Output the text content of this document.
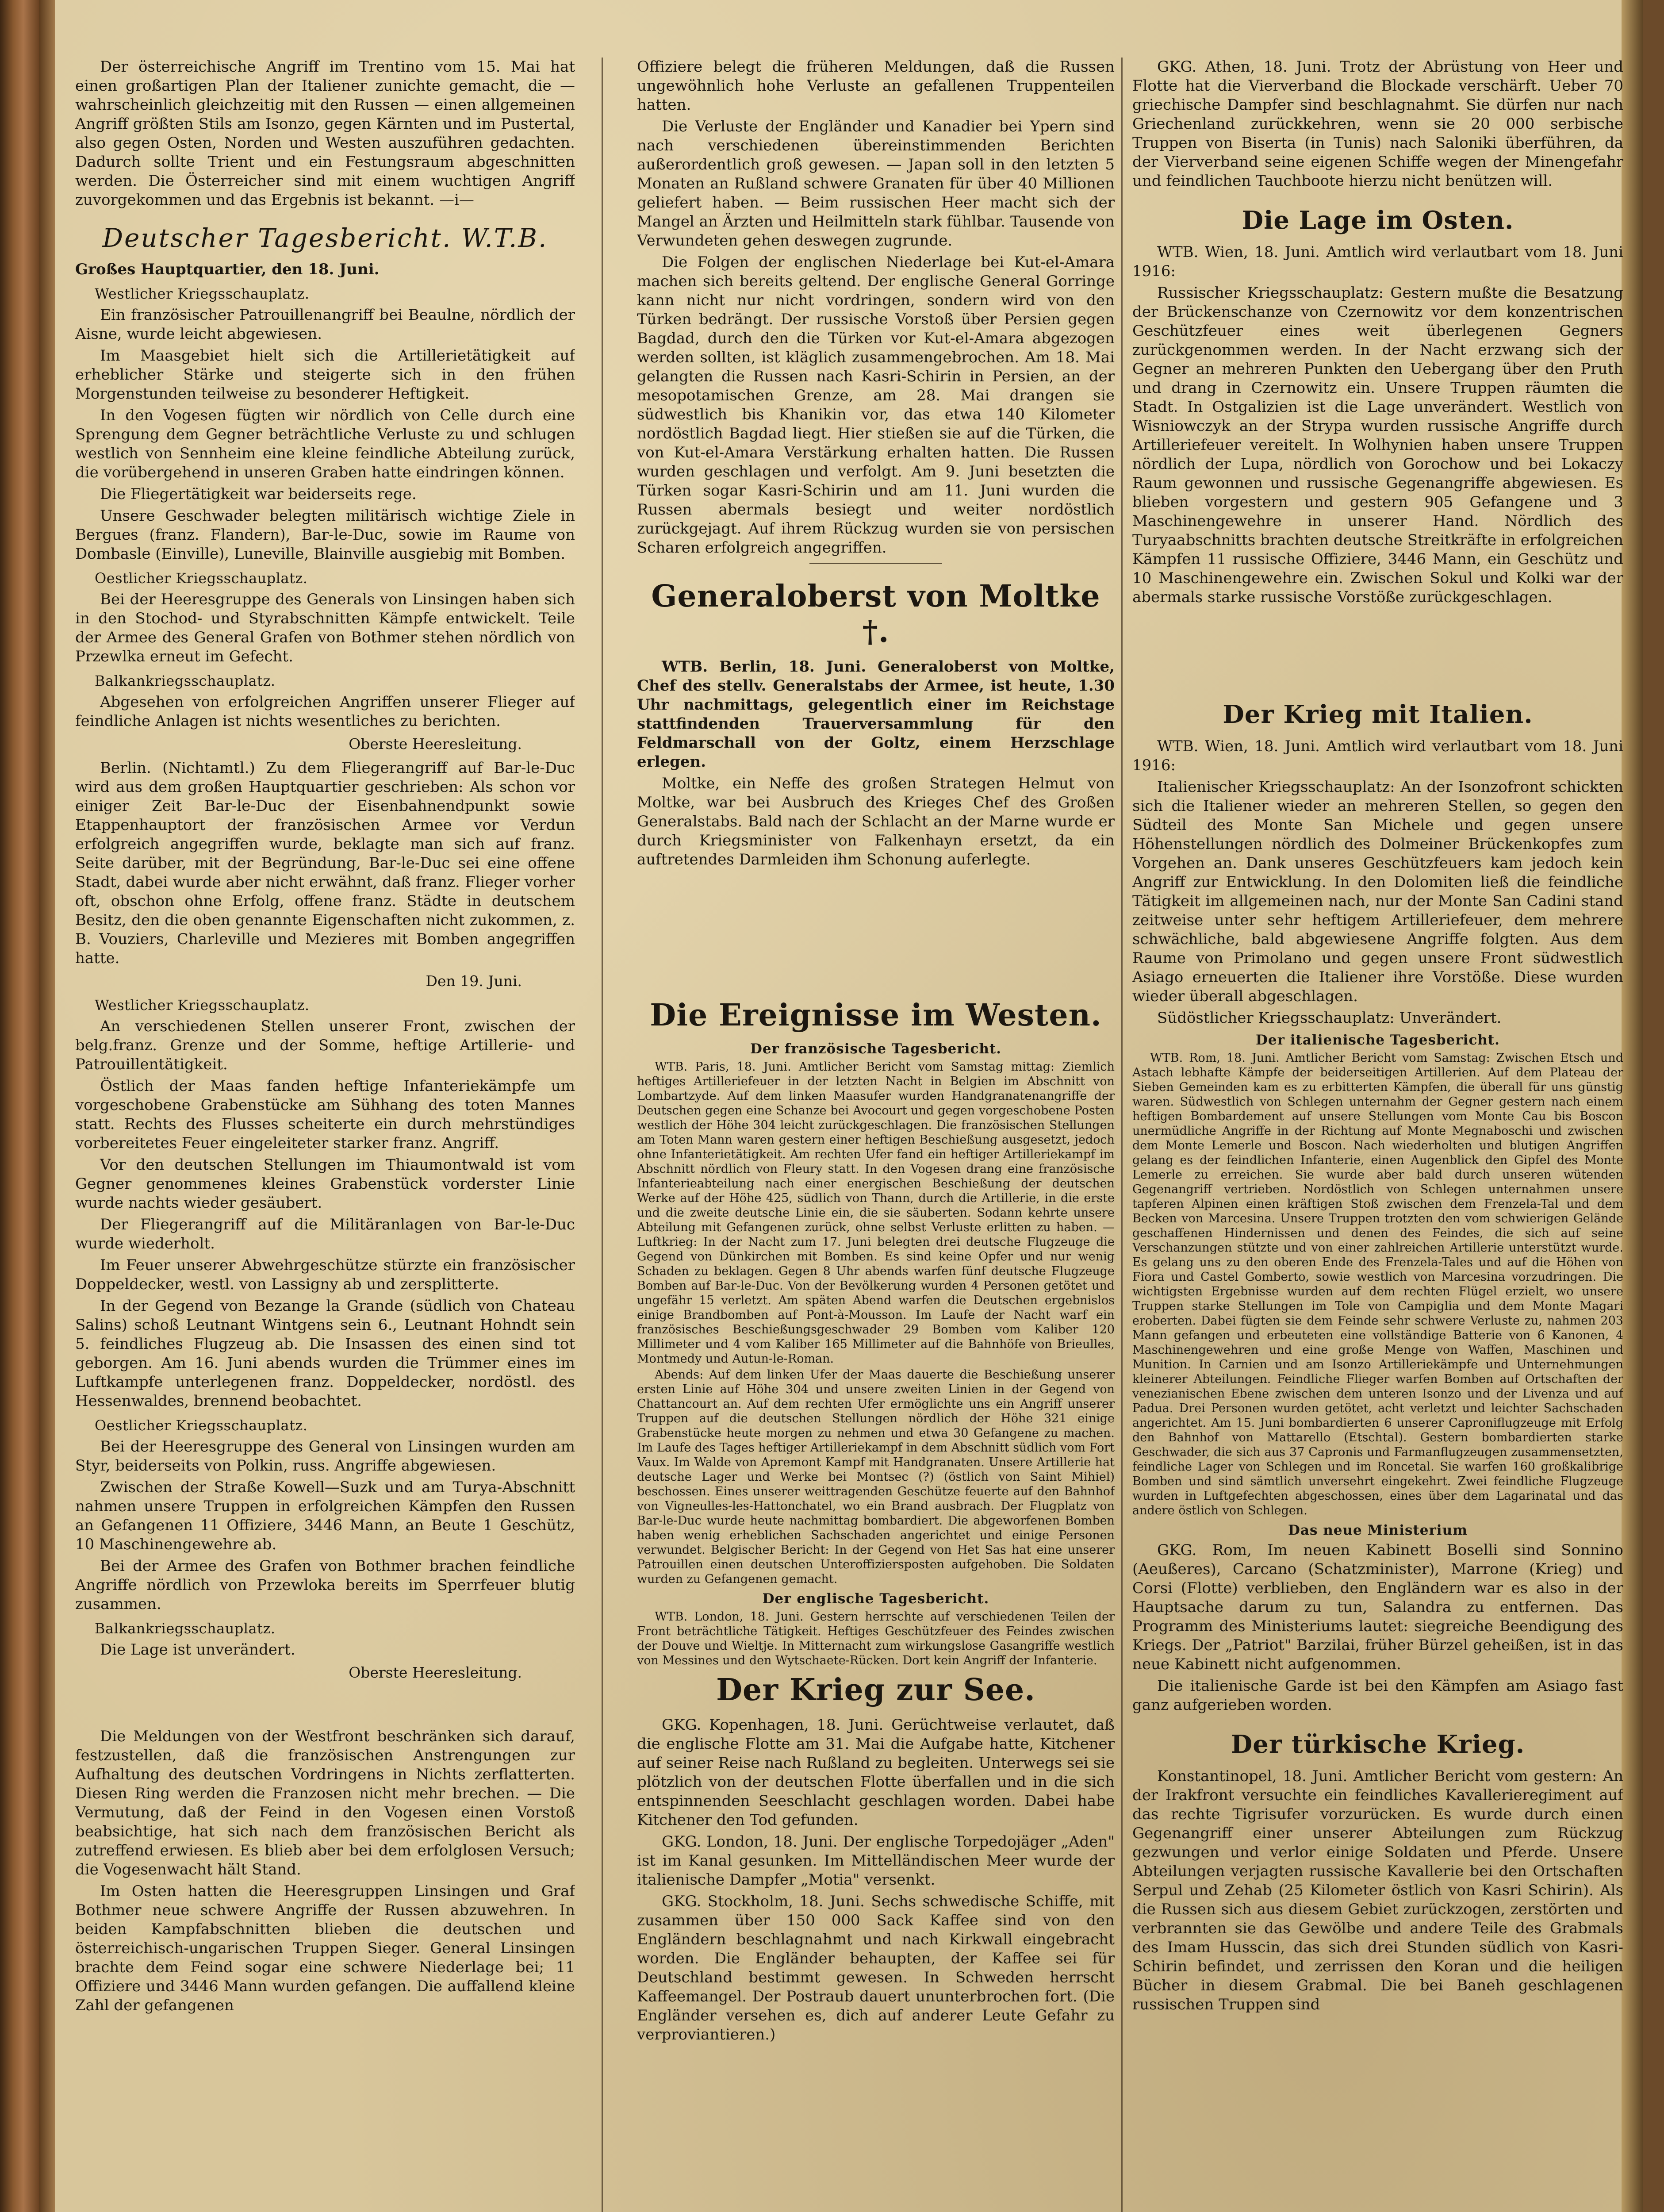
Der österreichische Angriff im Trentino vom 15. Mai hat einen großartigen Plan der Italiener zunichte gemacht, die — wahrscheinlich gleichzeitig mit den Russen — einen allgemeinen Angriff größten Stils am Isonzo, gegen Kärnten und im Pustertal, also gegen Osten, Norden und Westen auszuführen gedachten. Dadurch sollte Trient und ein Festungsraum abgeschnitten werden. Die Österreicher sind mit einem wuchtigen Angriff zuvorgekommen und das Ergebnis ist bekannt. —i—

Deutscher Tagesbericht. W.T.B.

Großes Hauptquartier, den 18. Juni.

Westlicher Kriegsschauplatz.

Ein französischer Patrouillenangriff bei Beaulne, nördlich der Aisne, wurde leicht abgewiesen.

Im Maasgebiet hielt sich die Artillerietätigkeit auf erheblicher Stärke und steigerte sich in den frühen Morgenstunden teilweise zu besonderer Heftigkeit.

In den Vogesen fügten wir nördlich von Celle durch eine Sprengung dem Gegner beträchtliche Verluste zu und schlugen westlich von Sennheim eine kleine feindliche Abteilung zurück, die vorübergehend in unseren Graben hatte eindringen können.

Die Fliegertätigkeit war beiderseits rege.

Unsere Geschwader belegten militärisch wichtige Ziele in Bergues (franz. Flandern), Bar-le-Duc, sowie im Raume von Dombasle (Einville), Luneville, Blainville ausgiebig mit Bomben.

Oestlicher Kriegsschauplatz.

Bei der Heeresgruppe des Generals von Linsingen haben sich in den Stochod- und Styrabschnitten Kämpfe entwickelt. Teile der Armee des General Grafen von Bothmer stehen nördlich von Przewlka erneut im Gefecht.

Balkankriegsschauplatz.

Abgesehen von erfolgreichen Angriffen unserer Flieger auf feindliche Anlagen ist nichts wesentliches zu berichten.

Oberste Heeresleitung.

Berlin. (Nichtamtl.) Zu dem Fliegerangriff auf Bar-le-Duc wird aus dem großen Hauptquartier geschrieben: Als schon vor einiger Zeit Bar-le-Duc der Eisenbahnendpunkt sowie Etappenhauptort der französischen Armee vor Verdun erfolgreich angegriffen wurde, beklagte man sich auf franz. Seite darüber, mit der Begründung, Bar-le-Duc sei eine offene Stadt, dabei wurde aber nicht erwähnt, daß franz. Flieger vorher oft, obschon ohne Erfolg, offene franz. Städte in deutschem Besitz, den die oben genannte Eigenschaften nicht zukommen, z. B. Vouziers, Charleville und Mezieres mit Bomben angegriffen hatte.

Den 19. Juni.
Westlicher Kriegsschauplatz.

An verschiedenen Stellen unserer Front, zwischen der belg.franz. Grenze und der Somme, heftige Artillerie- und Patrouillentätigkeit.

Östlich der Maas fanden heftige Infanteriekämpfe um vorgeschobene Grabenstücke am Sühhang des toten Mannes statt. Rechts des Flusses scheiterte ein durch mehrstündiges vorbereitetes Feuer eingeleiteter starker franz. Angriff.

Vor den deutschen Stellungen im Thiaumontwald ist vom Gegner genommenes kleines Grabenstück vorderster Linie wurde nachts wieder gesäubert.

Der Fliegerangriff auf die Militäranlagen von Bar-le-Duc wurde wiederholt.

Im Feuer unserer Abwehrgeschütze stürzte ein französischer Doppeldecker, westl. von Lassigny ab und zersplitterte.

In der Gegend von Bezange la Grande (südlich von Chateau Salins) schoß Leutnant Wintgens sein 6., Leutnant Hohndt sein 5. feindliches Flugzeug ab. Die Insassen des einen sind tot geborgen. Am 16. Juni abends wurden die Trümmer eines im Luftkampfe unterlegenen franz. Doppeldecker, nordöstl. des Hessenwaldes, brennend beobachtet.

Oestlicher Kriegsschauplatz.

Bei der Heeresgruppe des General von Linsingen wurden am Styr, beiderseits von Polkin, russ. Angriffe abgewiesen.

Zwischen der Straße Kowell—Suzk und am Turya-Abschnitt nahmen unsere Truppen in erfolgreichen Kämpfen den Russen an Gefangenen 11 Offiziere, 3446 Mann, an Beute 1 Geschütz, 10 Maschinengewehre ab.

Bei der Armee des Grafen von Bothmer brachen feindliche Angriffe nördlich von Przewloka bereits im Sperrfeuer blutig zusammen.

Balkankriegsschauplatz.

Die Lage ist unverändert.

Oberste Heeresleitung.

Die Meldungen von der Westfront beschränken sich darauf, festzustellen, daß die französischen Anstrengungen zur Aufhaltung des deutschen Vordringens in Nichts zerflatterten. Diesen Ring werden die Franzosen nicht mehr brechen. — Die Vermutung, daß der Feind in den Vogesen einen Vorstoß beabsichtige, hat sich nach dem französischen Bericht als zutreffend erwiesen. Es blieb aber bei dem erfolglosen Versuch; die Vogesenwacht hält Stand.

Im Osten hatten die Heeresgruppen Linsingen und Graf Bothmer neue schwere Angriffe der Russen abzuwehren. In beiden Kampfabschnitten blieben die deutschen und österreichisch-ungarischen Truppen Sieger. General Linsingen brachte dem Feind sogar eine schwere Niederlage bei; 11 Offiziere und 3446 Mann wurden gefangen. Die auffallend kleine Zahl der gefangenen

Offiziere belegt die früheren Meldungen, daß die Russen ungewöhnlich hohe Verluste an gefallenen Truppenteilen hatten.

Die Verluste der Engländer und Kanadier bei Ypern sind nach verschiedenen übereinstimmenden Berichten außerordentlich groß gewesen. — Japan soll in den letzten 5 Monaten an Rußland schwere Granaten für über 40 Millionen geliefert haben. — Beim russischen Heer macht sich der Mangel an Ärzten und Heilmitteln stark fühlbar. Tausende von Verwundeten gehen deswegen zugrunde.

Die Folgen der englischen Niederlage bei Kut-el-Amara machen sich bereits geltend. Der englische General Gorringe kann nicht nur nicht vordringen, sondern wird von den Türken bedrängt. Der russische Vorstoß über Persien gegen Bagdad, durch den die Türken vor Kut-el-Amara abgezogen werden sollten, ist kläglich zusammengebrochen. Am 18. Mai gelangten die Russen nach Kasri-Schirin in Persien, an der mesopotamischen Grenze, am 28. Mai drangen sie südwestlich bis Khanikin vor, das etwa 140 Kilometer nordöstlich Bagdad liegt. Hier stießen sie auf die Türken, die von Kut-el-Amara Verstärkung erhalten hatten. Die Russen wurden geschlagen und verfolgt. Am 9. Juni besetzten die Türken sogar Kasri-Schirin und am 11. Juni wurden die Russen abermals besiegt und weiter nordöstlich zurückgejagt. Auf ihrem Rückzug wurden sie von persischen Scharen erfolgreich angegriffen.

Generaloberst von Moltke †.

WTB. Berlin, 18. Juni. Generaloberst von Moltke, Chef des stellv. Generalstabs der Armee, ist heute, 1.30 Uhr nachmittags, gelegentlich einer im Reichstage stattfindenden Trauerversammlung für den Feldmarschall von der Goltz, einem Herzschlage erlegen.

Moltke, ein Neffe des großen Strategen Helmut von Moltke, war bei Ausbruch des Krieges Chef des Großen Generalstabs. Bald nach der Schlacht an der Marne wurde er durch Kriegsminister von Falkenhayn ersetzt, da ein auftretendes Darmleiden ihm Schonung auferlegte.

Die Ereignisse im Westen.
Der französische Tagesbericht.

WTB. Paris, 18. Juni. Amtlicher Bericht vom Samstag mittag: Ziemlich heftiges Artilleriefeuer in der letzten Nacht in Belgien im Abschnitt von Lombartzyde. Auf dem linken Maasufer wurden Handgranatenangriffe der Deutschen gegen eine Schanze bei Avocourt und gegen vorgeschobene Posten westlich der Höhe 304 leicht zurückgeschlagen. Die französischen Stellungen am Toten Mann waren gestern einer heftigen Beschießung ausgesetzt, jedoch ohne Infanterietätigkeit. Am rechten Ufer fand ein heftiger Artilleriekampf im Abschnitt nördlich von Fleury statt. In den Vogesen drang eine französische Infanterieabteilung nach einer energischen Beschießung der deutschen Werke auf der Höhe 425, südlich von Thann, durch die Artillerie, in die erste und die zweite deutsche Linie ein, die sie säuberten. Sodann kehrte unsere Abteilung mit Gefangenen zurück, ohne selbst Verluste erlitten zu haben. — Luftkrieg: In der Nacht zum 17. Juni belegten drei deutsche Flugzeuge die Gegend von Dünkirchen mit Bomben. Es sind keine Opfer und nur wenig Schaden zu beklagen. Gegen 8 Uhr abends warfen fünf deutsche Flugzeuge Bomben auf Bar-le-Duc. Von der Bevölkerung wurden 4 Personen getötet und ungefähr 15 verletzt. Am späten Abend warfen die Deutschen ergebnislos einige Brandbomben auf Pont-à-Mousson. Im Laufe der Nacht warf ein französisches Beschießungsgeschwader 29 Bomben vom Kaliber 120 Millimeter und 4 vom Kaliber 165 Millimeter auf die Bahnhöfe von Brieulles, Montmedy und Autun-le-Roman.

Abends: Auf dem linken Ufer der Maas dauerte die Beschießung unserer ersten Linie auf Höhe 304 und unsere zweiten Linien in der Gegend von Chattancourt an. Auf dem rechten Ufer ermöglichte uns ein Angriff unserer Truppen auf die deutschen Stellungen nördlich der Höhe 321 einige Grabenstücke heute morgen zu nehmen und etwa 30 Gefangene zu machen. Im Laufe des Tages heftiger Artilleriekampf in dem Abschnitt südlich vom Fort Vaux. Im Walde von Apremont Kampf mit Handgranaten. Unsere Artillerie hat deutsche Lager und Werke bei Montsec (?) (östlich von Saint Mihiel) beschossen. Eines unserer weittragenden Geschütze feuerte auf den Bahnhof von Vigneulles-les-Hattonchatel, wo ein Brand ausbrach. Der Flugplatz von Bar-le-Duc wurde heute nachmittag bombardiert. Die abgeworfenen Bomben haben wenig erheblichen Sachschaden angerichtet und einige Personen verwundet. Belgischer Bericht: In der Gegend von Het Sas hat eine unserer Patrouillen einen deutschen Unteroffiziersposten aufgehoben. Die Soldaten wurden zu Gefangenen gemacht.

Der englische Tagesbericht.

WTB. London, 18. Juni. Gestern herrschte auf verschiedenen Teilen der Front beträchtliche Tätigkeit. Heftiges Geschützfeuer des Feindes zwischen der Douve und Wieltje. In Mitternacht zum wirkungslose Gasangriffe westlich von Messines und den Wytschaete-Rücken. Dort kein Angriff der Infanterie.

Der Krieg zur See.

GKG. Kopenhagen, 18. Juni. Gerüchtweise verlautet, daß die englische Flotte am 31. Mai die Aufgabe hatte, Kitchener auf seiner Reise nach Rußland zu begleiten. Unterwegs sei sie plötzlich von der deutschen Flotte überfallen und in die sich entspinnenden Seeschlacht geschlagen worden. Dabei habe Kitchener den Tod gefunden.

GKG. London, 18. Juni. Der englische Torpedojäger „Aden" ist im Kanal gesunken. Im Mittelländischen Meer wurde der italienische Dampfer „Motia" versenkt.

GKG. Stockholm, 18. Juni. Sechs schwedische Schiffe, mit zusammen über 150 000 Sack Kaffee sind von den Engländern beschlagnahmt und nach Kirkwall eingebracht worden. Die Engländer behaupten, der Kaffee sei für Deutschland bestimmt gewesen. In Schweden herrscht Kaffeemangel. Der Postraub dauert ununterbrochen fort. (Die Engländer versehen es, dich auf anderer Leute Gefahr zu verproviantieren.)

GKG. Athen, 18. Juni. Trotz der Abrüstung von Heer und Flotte hat die Vierverband die Blockade verschärft. Ueber 70 griechische Dampfer sind beschlagnahmt. Sie dürfen nur nach Griechenland zurückkehren, wenn sie 20 000 serbische Truppen von Biserta (in Tunis) nach Saloniki überführen, da der Vierverband seine eigenen Schiffe wegen der Minengefahr und feindlichen Tauchboote hierzu nicht benützen will.

Die Lage im Osten.

WTB. Wien, 18. Juni. Amtlich wird verlautbart vom 18. Juni 1916:

Russischer Kriegsschauplatz: Gestern mußte die Besatzung der Brückenschanze von Czernowitz vor dem konzentrischen Geschützfeuer eines weit überlegenen Gegners zurückgenommen werden. In der Nacht erzwang sich der Gegner an mehreren Punkten den Uebergang über den Pruth und drang in Czernowitz ein. Unsere Truppen räumten die Stadt. In Ostgalizien ist die Lage unverändert. Westlich von Wisniowczyk an der Strypa wurden russische Angriffe durch Artilleriefeuer vereitelt. In Wolhynien haben unsere Truppen nördlich der Lupa, nördlich von Gorochow und bei Lokaczy Raum gewonnen und russische Gegenangriffe abgewiesen. Es blieben vorgestern und gestern 905 Gefangene und 3 Maschinengewehre in unserer Hand. Nördlich des Turyaabschnitts brachten deutsche Streitkräfte in erfolgreichen Kämpfen 11 russische Offiziere, 3446 Mann, ein Geschütz und 10 Maschinengewehre ein. Zwischen Sokul und Kolki war der abermals starke russische Vorstöße zurückgeschlagen.

Der Krieg mit Italien.

WTB. Wien, 18. Juni. Amtlich wird verlautbart vom 18. Juni 1916:

Italienischer Kriegsschauplatz: An der Isonzofront schickten sich die Italiener wieder an mehreren Stellen, so gegen den Südteil des Monte San Michele und gegen unsere Höhenstellungen nördlich des Dolmeiner Brückenkopfes zum Vorgehen an. Dank unseres Geschützfeuers kam jedoch kein Angriff zur Entwicklung. In den Dolomiten ließ die feindliche Tätigkeit im allgemeinen nach, nur der Monte San Cadini stand zeitweise unter sehr heftigem Artilleriefeuer, dem mehrere schwächliche, bald abgewiesene Angriffe folgten. Aus dem Raume von Primolano und gegen unsere Front südwestlich Asiago erneuerten die Italiener ihre Vorstöße. Diese wurden wieder überall abgeschlagen.

Südöstlicher Kriegsschauplatz: Unverändert.

Der italienische Tagesbericht.

WTB. Rom, 18. Juni. Amtlicher Bericht vom Samstag: Zwischen Etsch und Astach lebhafte Kämpfe der beiderseitigen Artillerien. Auf dem Plateau der Sieben Gemeinden kam es zu erbitterten Kämpfen, die überall für uns günstig waren. Südwestlich von Schlegen unternahm der Gegner gestern nach einem heftigen Bombardement auf unsere Stellungen vom Monte Cau bis Boscon unermüdliche Angriffe in der Richtung auf Monte Megnaboschi und zwischen dem Monte Lemerle und Boscon. Nach wiederholten und blutigen Angriffen gelang es der feindlichen Infanterie, einen Augenblick den Gipfel des Monte Lemerle zu erreichen. Sie wurde aber bald durch unseren wütenden Gegenangriff vertrieben. Nordöstlich von Schlegen unternahmen unsere tapferen Alpinen einen kräftigen Stoß zwischen dem Frenzela-Tal und dem Becken von Marcesina. Unsere Truppen trotzten den vom schwierigen Gelände geschaffenen Hindernissen und denen des Feindes, die sich auf seine Verschanzungen stützte und von einer zahlreichen Artillerie unterstützt wurde. Es gelang uns zu den oberen Ende des Frenzela-Tales und auf die Höhen von Fiora und Castel Gomberto, sowie westlich von Marcesina vorzudringen. Die wichtigsten Ergebnisse wurden auf dem rechten Flügel erzielt, wo unsere Truppen starke Stellungen im Tole von Campiglia und dem Monte Magari eroberten. Dabei fügten sie dem Feinde sehr schwere Verluste zu, nahmen 203 Mann gefangen und erbeuteten eine vollständige Batterie von 6 Kanonen, 4 Maschinengewehren und eine große Menge von Waffen, Maschinen und Munition. In Carnien und am Isonzo Artilleriekämpfe und Unternehmungen kleinerer Abteilungen. Feindliche Flieger warfen Bomben auf Ortschaften der venezianischen Ebene zwischen dem unteren Isonzo und der Livenza und auf Padua. Drei Personen wurden getötet, acht verletzt und leichter Sachschaden angerichtet. Am 15. Juni bombardierten 6 unserer Caproniflugzeuge mit Erfolg den Bahnhof von Mattarello (Etschtal). Gestern bombardierten starke Geschwader, die sich aus 37 Capronis und Farmanflugzeugen zusammensetzten, feindliche Lager von Schlegen und im Roncetal. Sie warfen 160 großkalibrige Bomben und sind sämtlich unversehrt eingekehrt. Zwei feindliche Flugzeuge wurden in Luftgefechten abgeschossen, eines über dem Lagarinatal und das andere östlich von Schlegen.

Das neue Ministerium

GKG. Rom, Im neuen Kabinett Boselli sind Sonnino (Aeußeres), Carcano (Schatzminister), Marrone (Krieg) und Corsi (Flotte) verblieben, den Engländern war es also in der Hauptsache darum zu tun, Salandra zu entfernen. Das Programm des Ministeriums lautet: siegreiche Beendigung des Kriegs. Der „Patriot" Barzilai, früher Bürzel geheißen, ist in das neue Kabinett nicht aufgenommen.

Die italienische Garde ist bei den Kämpfen am Asiago fast ganz aufgerieben worden.

Der türkische Krieg.

Konstantinopel, 18. Juni. Amtlicher Bericht vom gestern: An der Irakfront versuchte ein feindliches Kavallerieregiment auf das rechte Tigrisufer vorzurücken. Es wurde durch einen Gegenangriff einer unserer Abteilungen zum Rückzug gezwungen und verlor einige Soldaten und Pferde. Unsere Abteilungen verjagten russische Kavallerie bei den Ortschaften Serpul und Zehab (25 Kilometer östlich von Kasri Schirin). Als die Russen sich aus diesem Gebiet zurückzogen, zerstörten und verbrannten sie das Gewölbe und andere Teile des Grabmals des Imam Husscin, das sich drei Stunden südlich von Kasri-Schirin befindet, und zerrissen den Koran und die heiligen Bücher in diesem Grabmal. Die bei Baneh geschlagenen russischen Truppen sind
